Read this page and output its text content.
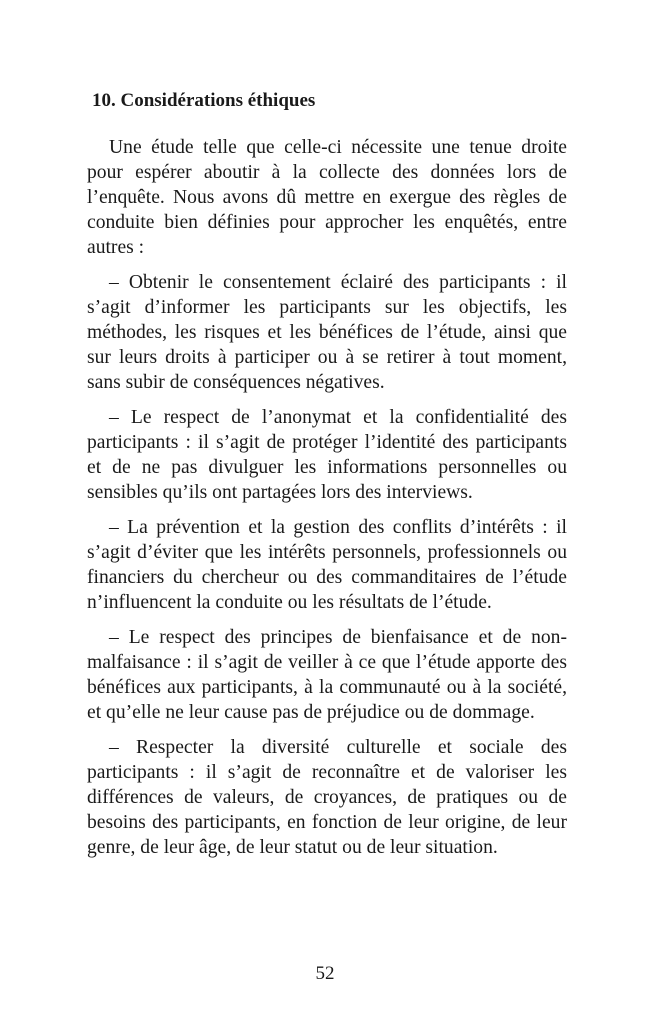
10. Considérations éthiques

Une étude telle que celle-ci nécessite une tenue droite pour espérer aboutir à la collecte des données lors de l’enquête. Nous avons dû mettre en exergue des règles de conduite bien définies pour approcher les enquêtés, entre autres :

– Obtenir le consentement éclairé des participants : il s’agit d’informer les participants sur les objectifs, les méthodes, les risques et les bénéfices de l’étude, ainsi que sur leurs droits à participer ou à se retirer à tout moment, sans subir de conséquences négatives.

– Le respect de l’anonymat et la confidentialité des participants : il s’agit de protéger l’identité des participants et de ne pas divulguer les informations personnelles ou sensibles qu’ils ont partagées lors des interviews.

– La prévention et la gestion des conflits d’intérêts : il s’agit d’éviter que les intérêts personnels, professionnels ou financiers du chercheur ou des commanditaires de l’étude n’influencent la conduite ou les résultats de l’étude.

– Le respect des principes de bienfaisance et de non-malfaisance : il s’agit de veiller à ce que l’étude apporte des bénéfices aux participants, à la communauté ou à la société, et qu’elle ne leur cause pas de préjudice ou de dommage.

– Respecter la diversité culturelle et sociale des participants : il s’agit de reconnaître et de valoriser les différences de valeurs, de croyances, de pratiques ou de besoins des participants, en fonction de leur origine, de leur genre, de leur âge, de leur statut ou de leur situation.

52
